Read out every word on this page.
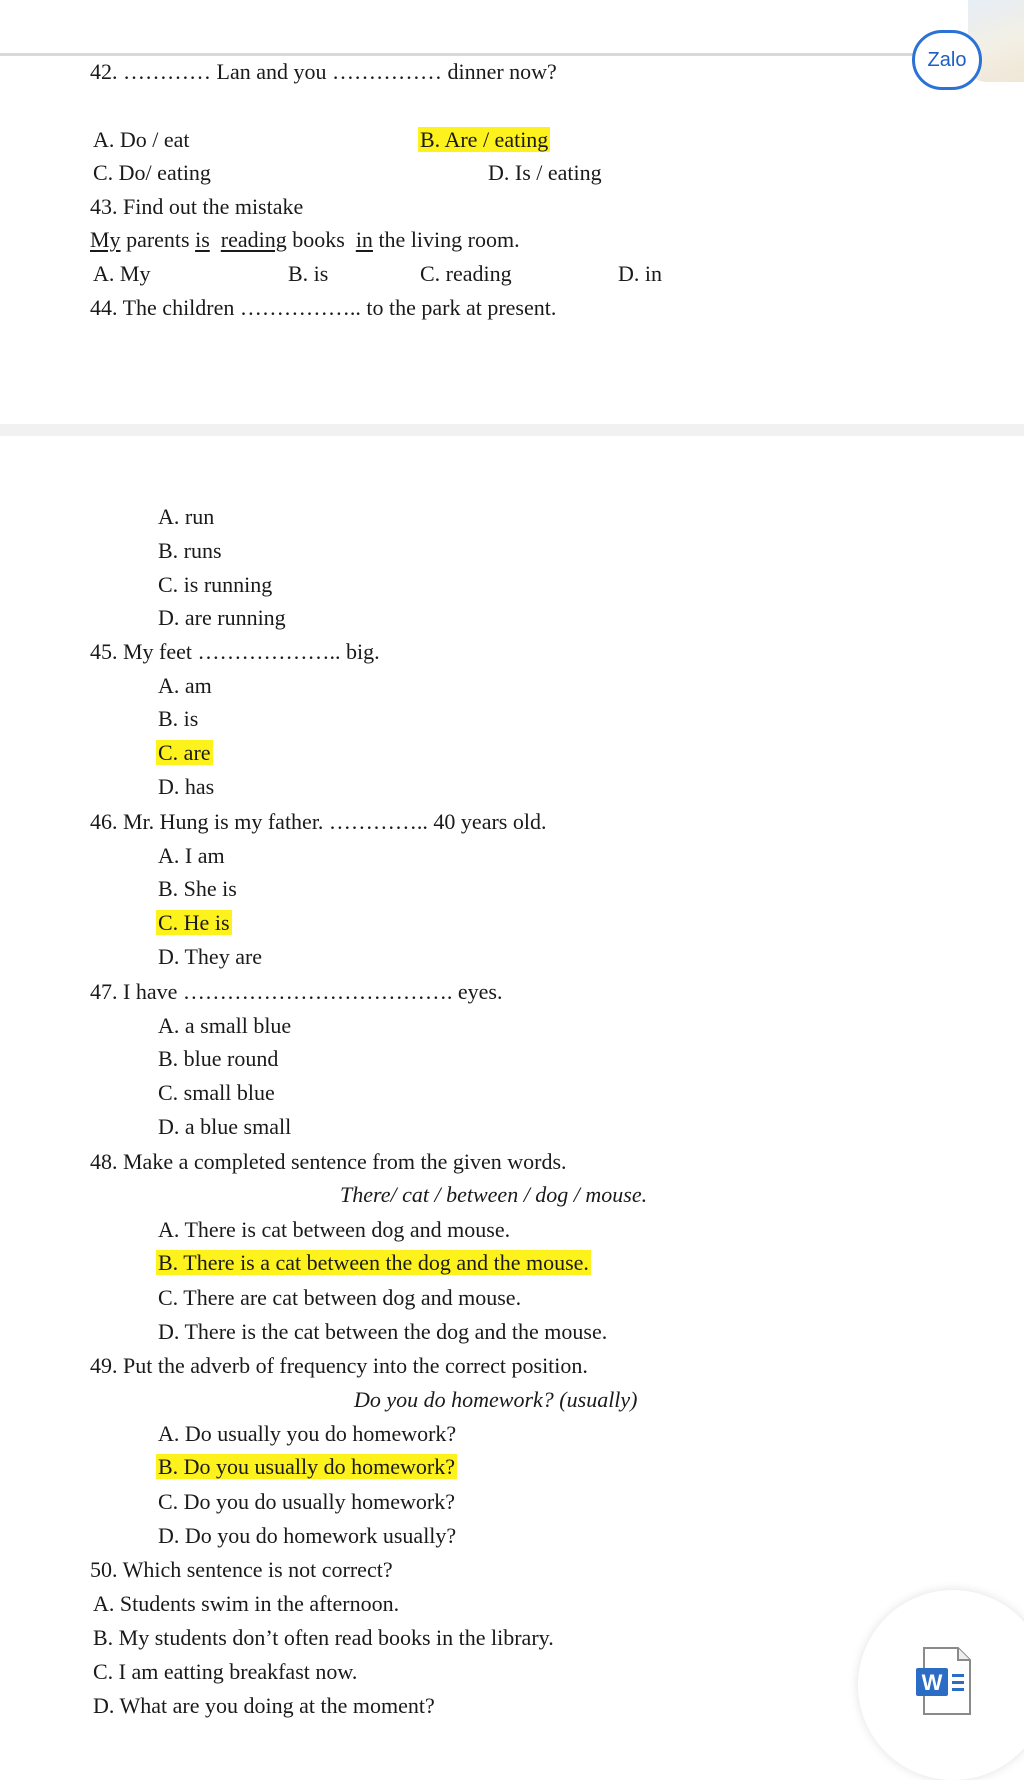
Zalo
42. ………… Lan and you …………… dinner now?
A. Do / eat	B. Are / eating
C. Do/ eating	D. Is / eating
43. Find out the mistake
My parents is reading books in the living room.
A. My	B. is	C. reading	D. in
44. The children …………….. to the park at present.
A. run
B. runs
C. is running
D. are running
45. My feet ……………….. big.
A. am
B. is
C. are
D. has
46. Mr. Hung is my father. ………….. 40 years old.
A. I am
B. She is
C. He is
D. They are
47. I have ………………………………. eyes.
A. a small blue
B. blue round
C. small blue
D. a blue small
48. Make a completed sentence from the given words.
There/ cat / between / dog / mouse.
A. There is cat between dog and mouse.
B. There is a cat between the dog and the mouse.
C. There are cat between dog and mouse.
D. There is the cat between the dog and the mouse.
49. Put the adverb of frequency into the correct position.
Do you do homework? (usually)
A. Do usually you do homework?
B. Do you usually do homework?
C. Do you do usually homework?
D. Do you do homework usually?
50. Which sentence is not correct?
A. Students swim in the afternoon.
B. My students don’t often read books in the library.
C. I am eatting breakfast now.
D. What are you doing at the moment?
W
